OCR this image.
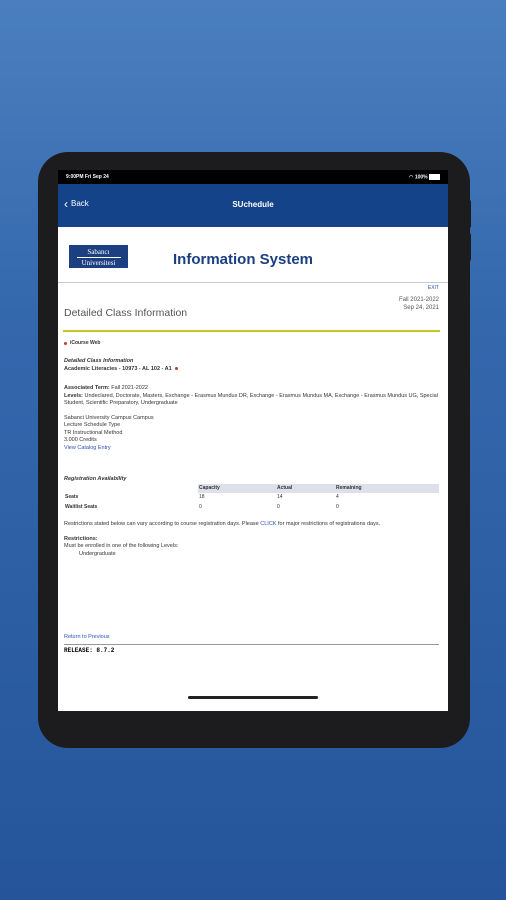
9:00PM Fri Sep 24	◠ 100%
‹ Back	SUchedule
Sabancı
Universitesi	Information System
EXIT
Fall 2021-2022
Sep 24, 2021
Detailed Class Information
iCourse Web
Detailed Class Information
Academic Literacies - 10973 - AL 102 - A1
Associated Term: Fall 2021-2022
Levels: Undeclared, Doctorate, Masters, Exchange - Erasmus Mundus DR, Exchange - Erasmus Mundus MA, Exchange - Erasmus Mundus UG, Special Student, Scientific Preparatory, Undergraduate
Sabanci University Campus Campus
Lecture Schedule Type
TR Instructional Method
3.000 Credits
View Catalog Entry
Registration Availability
	Capacity	Actual	Remaining
Seats	18	14	4
Waitlist Seats	0	0	0
Restrictions stated below can vary according to course registration days. Please CLICK for major restrictions of registrations days.
Restrictions:
Must be enrolled in one of the following Levels:
Undergraduate
Return to Previous
RELEASE: 8.7.2
